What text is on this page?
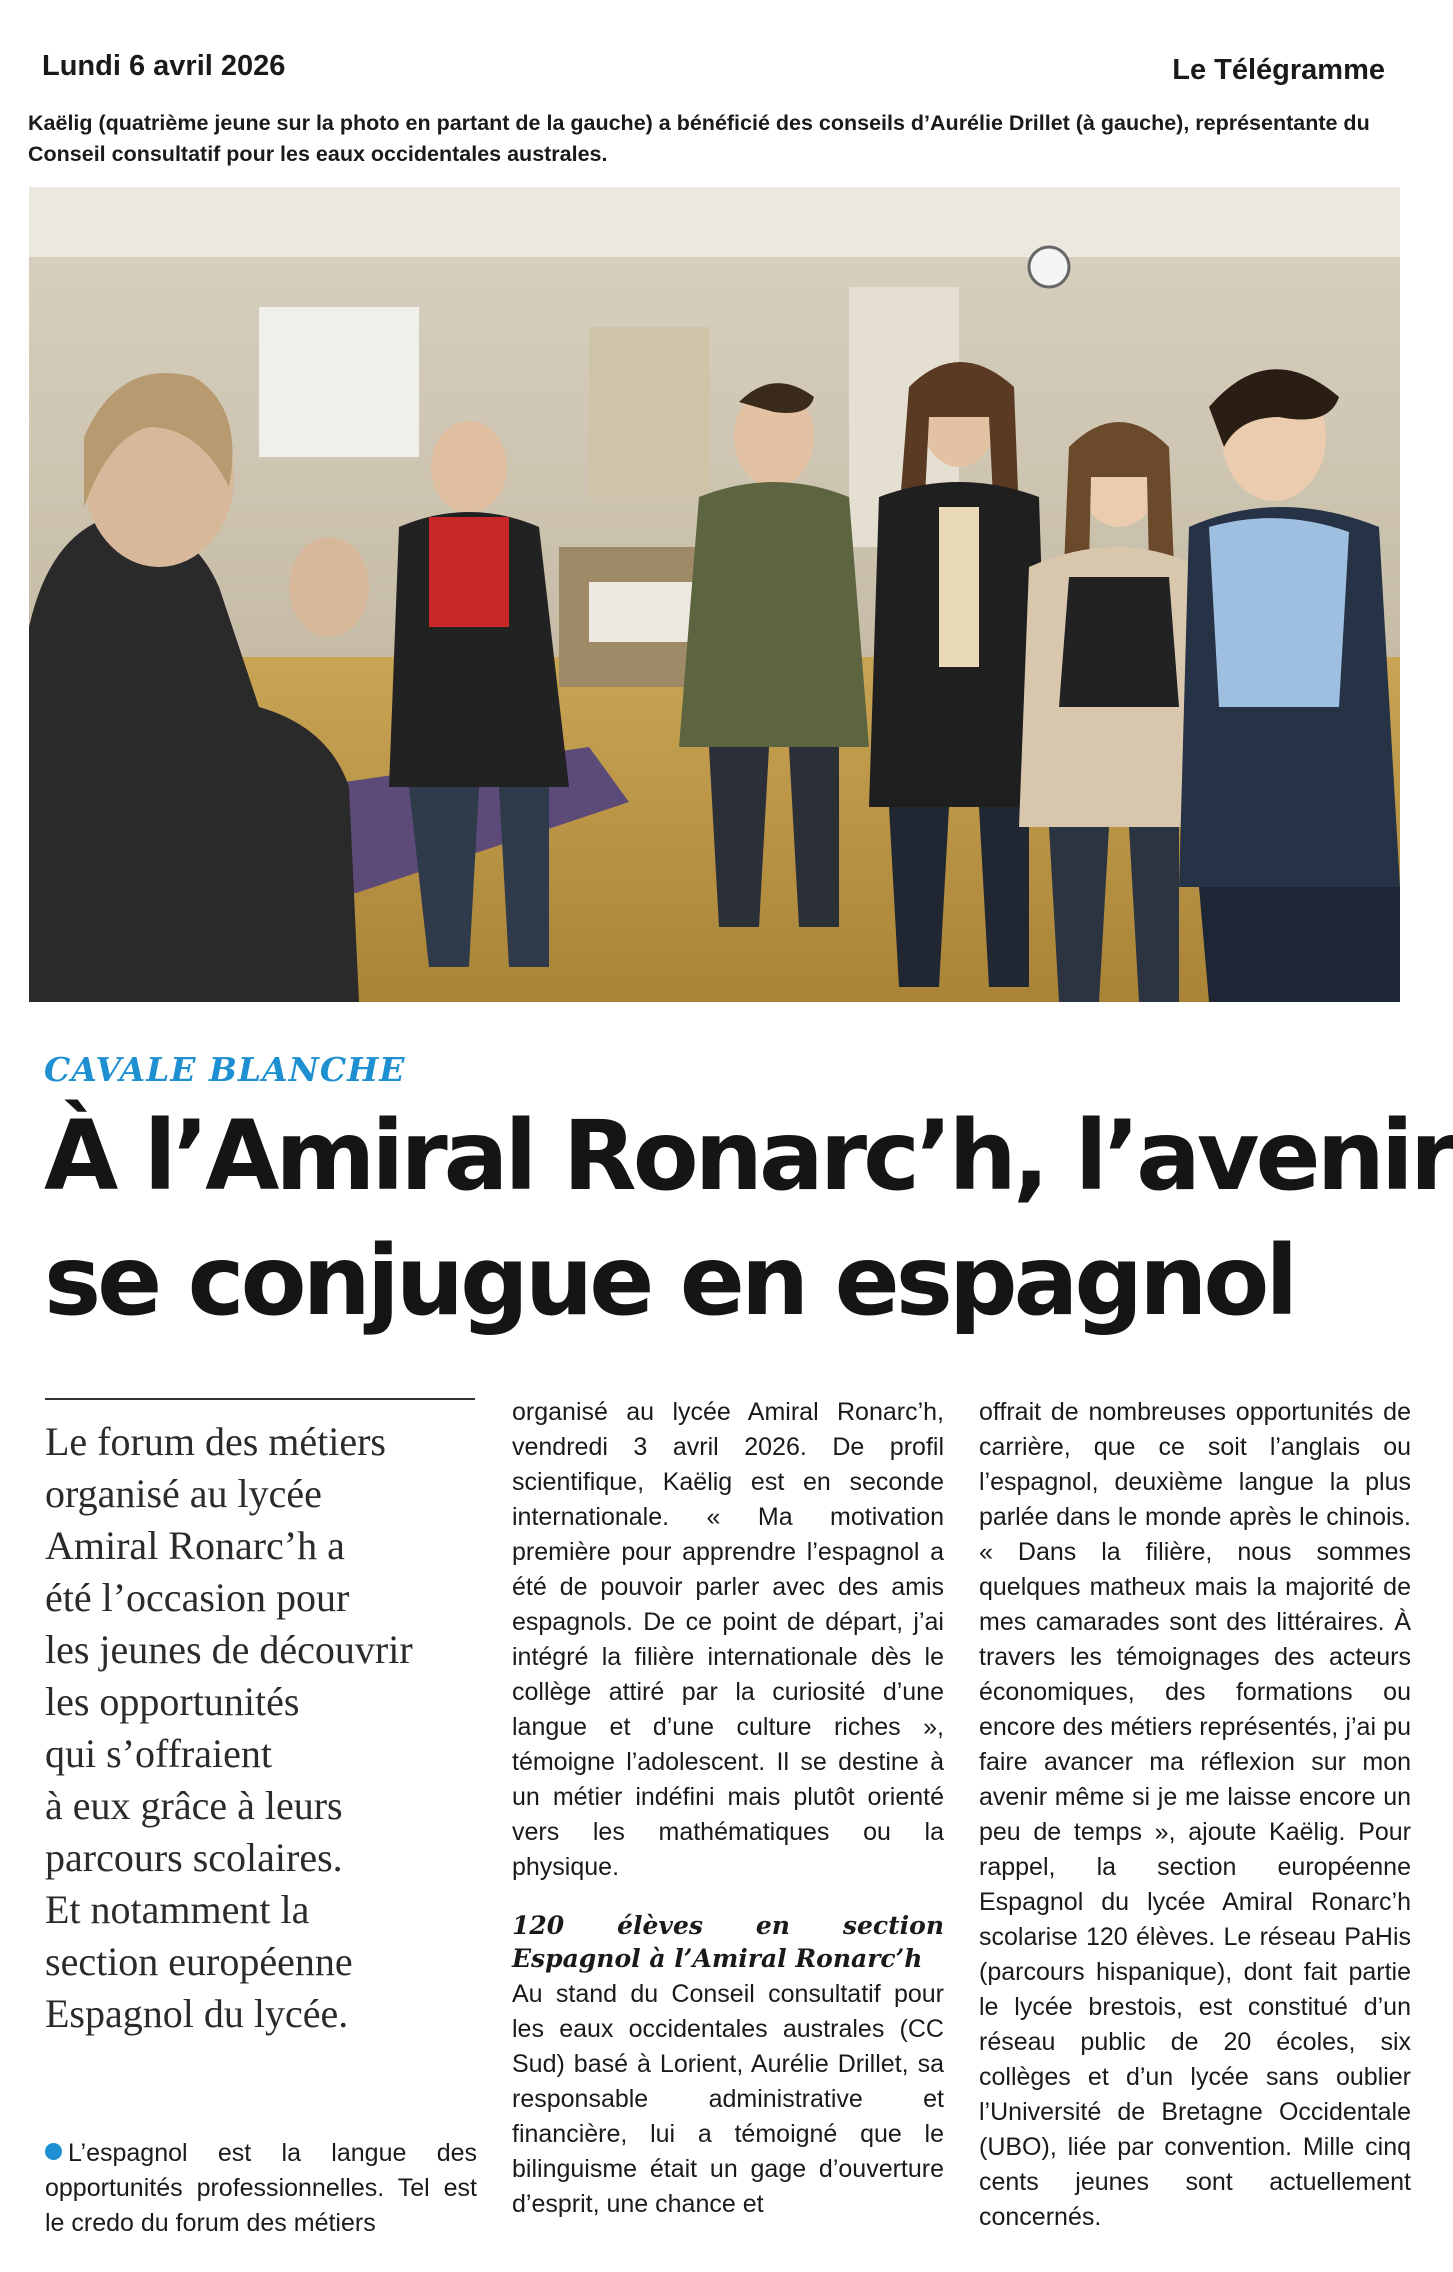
Lundi 6 avril 2026	Le Télégramme
Kaëlig (quatrième jeune sur la photo en partant de la gauche) a bénéficié des conseils d’Aurélie Drillet (à gauche), représentante du Conseil consultatif pour les eaux occidentales australes.
CAVALE BLANCHE
À l’Amiral Ronarc’h, l’avenir
se conjugue en espagnol
Le forum des métiers
organisé au lycée
Amiral Ronarc’h a
été l’occasion pour
les jeunes de découvrir
les opportunités
qui s’offraient
à eux grâce à leurs
parcours scolaires.
Et notamment la
section européenne
Espagnol du lycée.

L’espagnol est la langue des opportunités professionnelles. Tel est le credo du forum des métiers

organisé au lycée Amiral Ronarc’h, vendredi 3 avril 2026. De profil scientifique, Kaëlig est en seconde internationale. « Ma motivation première pour apprendre l’espagnol a été de pouvoir parler avec des amis espagnols. De ce point de départ, j’ai intégré la filière internationale dès le collège attiré par la curiosité d’une langue et d’une culture riches », témoigne l’adolescent. Il se destine à un métier indéfini mais plutôt orienté vers les mathématiques ou la physique.

120 élèves en section Espagnol à l’Amiral Ronarc’h

Au stand du Conseil consultatif pour les eaux occidentales australes (CC Sud) basé à Lorient, Aurélie Drillet, sa responsable administrative et financière, lui a témoigné que le bilinguisme était un gage d’ouverture d’esprit, une chance et

offrait de nombreuses opportunités de carrière, que ce soit l’anglais ou l’espagnol, deuxième langue la plus parlée dans le monde après le chinois. « Dans la filière, nous sommes quelques matheux mais la majorité de mes camarades sont des littéraires. À travers les témoignages des acteurs économiques, des formations ou encore des métiers représentés, j’ai pu faire avancer ma réflexion sur mon avenir même si je me laisse encore un peu de temps », ajoute Kaëlig. Pour rappel, la section européenne Espagnol du lycée Amiral Ronarc’h scolarise 120 élèves. Le réseau PaHis (parcours hispanique), dont fait partie le lycée brestois, est constitué d’un réseau public de 20 écoles, six collèges et d’un lycée sans oublier l’Université de Bretagne Occidentale (UBO), liée par convention. Mille cinq cents jeunes sont actuellement concernés.
